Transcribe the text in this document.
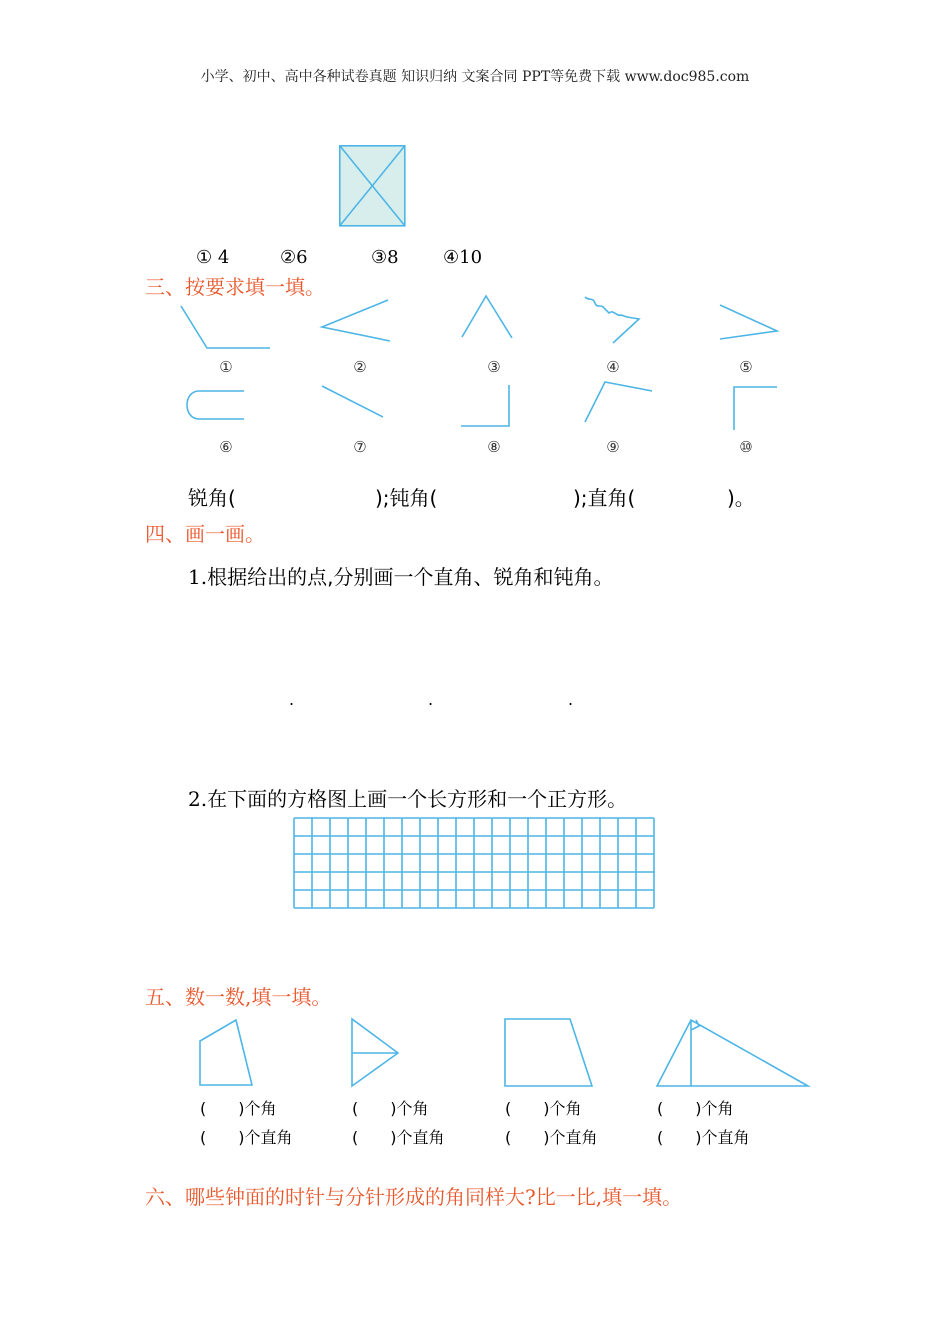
小学、初中、高中各种试卷真题 知识归纳 文案合同 PPT等免费下载 www.doc985.com
① 4	②6	③8 ④10
三、按要求填一填。
①	②	③	④	⑤
⑥	⑦	⑧	⑨	⑩
锐角(	);钝角(	);直角(	)。
四、画一画。
1.根据给出的点,分别画一个直角、锐角和钝角。
.	.	.
2.在下面的方格图上画一个长方形和一个正方形。
五、数一数,填一填。
(　　)个角
(　　)个直角
(　　)个角
(　　)个直角
(　　)个角
(　　)个直角
(　　)个角
(　　)个直角
六、哪些钟面的时针与分针形成的角同样大?比一比,填一填。
